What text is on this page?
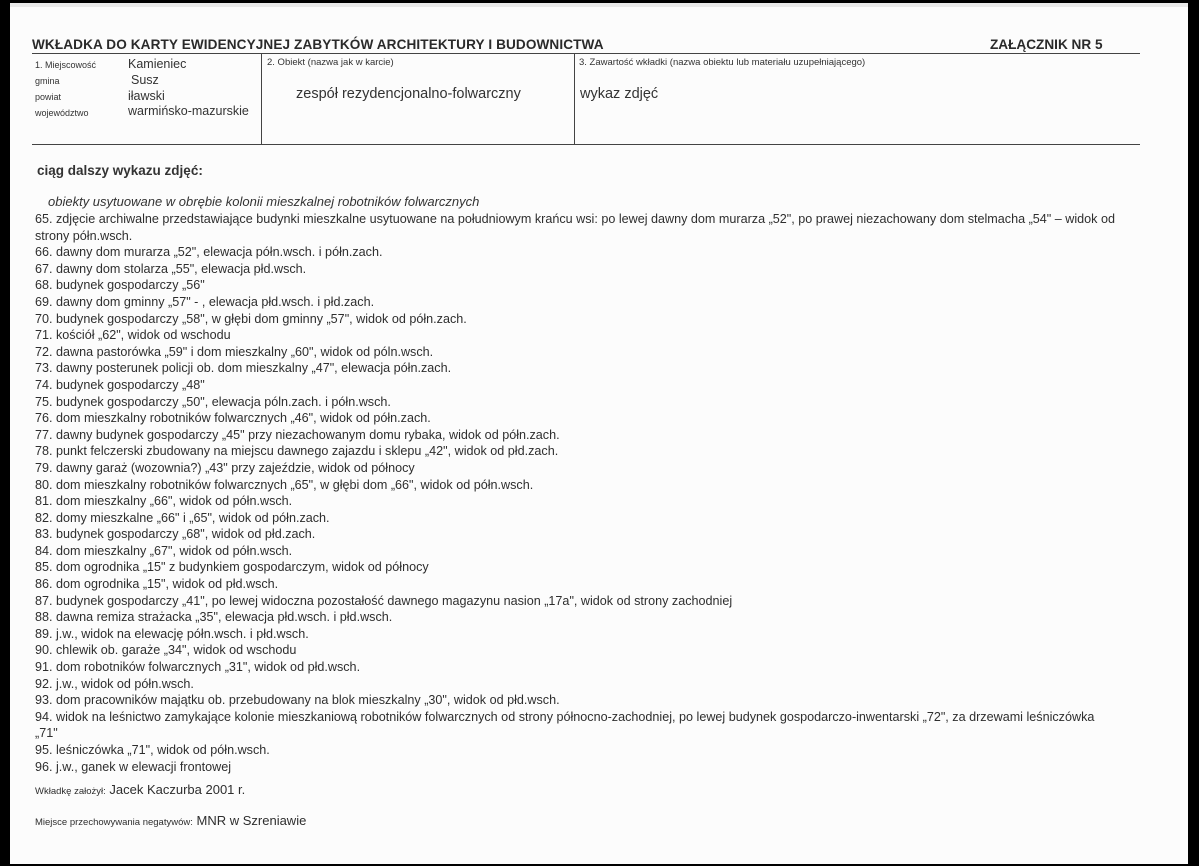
WKŁADKA DO KARTY EWIDENCYJNEJ ZABYTKÓW ARCHITEKTURY I BUDOWNICTWA	ZAŁĄCZNIK NR 5
1. Miejscowość	Kamieniec
gmina	Susz
powiat	iławski
województwo	warmińsko-mazurskie
2. Obiekt (nazwa jak w karcie)
zespół rezydencjonalno-folwarczny
3. Zawartość wkładki (nazwa obiektu lub materiału uzupełniającego)
wykaz zdjęć
ciąg dalszy wykazu zdjęć:
obiekty usytuowane w obrębie kolonii mieszkalnej robotników folwarcznych
65. zdjęcie archiwalne przedstawiające budynki mieszkalne usytuowane na południowym krańcu wsi: po lewej dawny dom murarza „52", po prawej niezachowany dom stelmacha „54" – widok od strony półn.wsch.
66. dawny dom murarza „52", elewacja półn.wsch. i półn.zach.
67. dawny dom stolarza „55", elewacja płd.wsch.
68. budynek gospodarczy „56"
69. dawny dom gminny „57" - , elewacja płd.wsch. i płd.zach.
70. budynek gospodarczy „58", w głębi dom gminny „57", widok od półn.zach.
71. kościół „62", widok od wschodu
72. dawna pastorówka „59" i dom mieszkalny „60", widok od póln.wsch.
73. dawny posterunek policji ob. dom mieszkalny „47", elewacja półn.zach.
74. budynek gospodarczy „48"
75. budynek gospodarczy „50", elewacja póln.zach. i półn.wsch.
76. dom mieszkalny robotników folwarcznych „46", widok od półn.zach.
77. dawny budynek gospodarczy „45" przy niezachowanym domu rybaka, widok od półn.zach.
78. punkt felczerski zbudowany na miejscu dawnego zajazdu i sklepu „42", widok od płd.zach.
79. dawny garaż (wozownia?) „43" przy zajeździe, widok od północy
80. dom mieszkalny robotników folwarcznych „65", w głębi dom „66", widok od półn.wsch.
81. dom mieszkalny „66", widok od półn.wsch.
82. domy mieszkalne „66" i „65", widok od półn.zach.
83. budynek gospodarczy „68", widok od płd.zach.
84. dom mieszkalny „67", widok od półn.wsch.
85. dom ogrodnika „15" z budynkiem gospodarczym, widok od północy
86. dom ogrodnika „15", widok od płd.wsch.
87. budynek gospodarczy „41", po lewej widoczna pozostałość dawnego magazynu nasion „17a", widok od strony zachodniej
88. dawna remiza strażacka „35", elewacja płd.wsch. i płd.wsch.
89. j.w., widok na elewację półn.wsch. i płd.wsch.
90. chlewik ob. garaże „34", widok od wschodu
91. dom robotników folwarcznych „31", widok od płd.wsch.
92. j.w., widok od półn.wsch.
93. dom pracowników majątku ob. przebudowany na blok mieszkalny „30", widok od płd.wsch.
94. widok na leśnictwo zamykające kolonie mieszkaniową robotników folwarcznych od strony północno-zachodniej, po lewej budynek gospodarczo-inwentarski „72", za drzewami leśniczówka „71"
95. leśniczówka „71", widok od półn.wsch.
96. j.w., ganek w elewacji frontowej
Wkładkę założył: Jacek Kaczurba 2001 r.
Miejsce przechowywania negatywów: MNR w Szreniawie
